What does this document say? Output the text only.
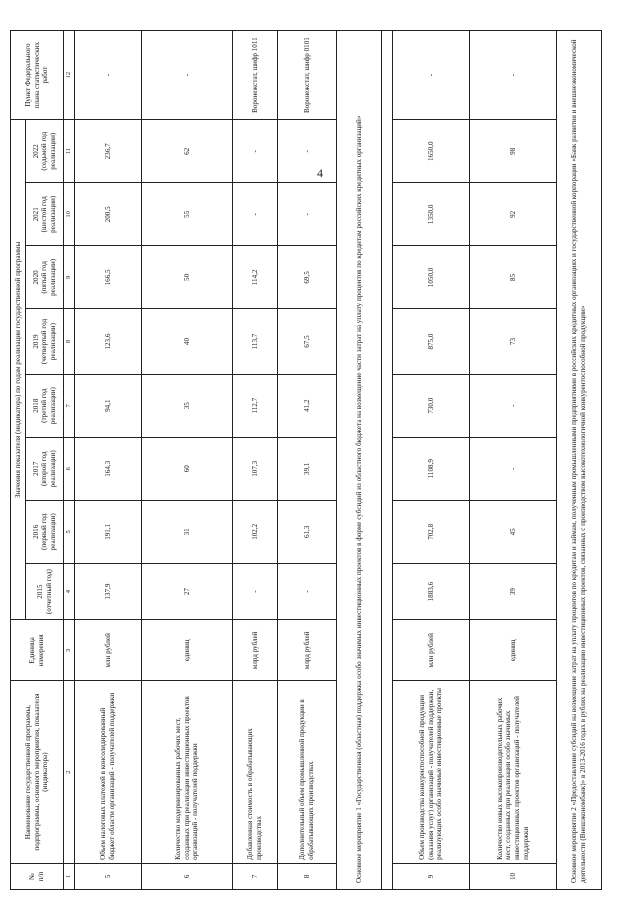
4
№
п/п	Наименование государственной программы, подпрограммы, основного мероприятия, показателя (индикатора)	Единица измерения	Значения показателя (индикатора) по годам реализации государственной программы								Пункт Федерального плана статистических работ
			2015
(отчетный год)	2016
(первый год реализации)	2017
(второй год реализации)	2018
(третий год реализации)	2019
(четвертый год реализации)	2020
(пятый год реализации)	2021
(шестой год реализации)	2022
(седьмой год реализации)	
1	2	3	4	5	6	7	8	9	10	11	12
5	Объем налоговых платежей в консолидированный бюджет области организаций - получателей поддержки	млн рублей	137,9	191,1	164,3	94,1	123,6	166,5	200,5	236,7	-
6	Количество модернизированных рабочих мест, созданных при реализации инвестиционных проектов организаций - получателей поддержки	единиц	27	31	60	35	40	50	55	62	-
7	Добавленная стоимость в обрабатывающих производствах	млрд рублей	-	102,2	107,3	112,7	113,7	114,2	-	-	Воронежстат, шифр 1011
8	Дополнительный объем промышленной продукции в обрабатывающих производствах	млрд рублей	-	61,3	39,1	41,2	67,5	69,5	-	-	Воронежстат, шифр 0101
Основное мероприятие 1 «Государственная (областная) поддержка особо значимых инвестиционных проектов в форме субсидий из областного бюджета на возмещение части затрат на уплату процентов по кредитам российских кредитных организаций»											

9	Объем производства конкурентоспособной продукции (оказания услуг) организаций - получателей поддержки, реализующих особо значимые инвестиционные проекты	млн рублей	1883,6	702,8	1108,9	730,0	875,0	1050,0	1350,0	1650,0	-
10	Количество новых высокопроизводительных рабочих мест, созданных при реализации особо значимых инвестиционных проектов организаций - получателей поддержки	единиц	39	45	-	-	73	85	92	98	-
Основное мероприятие 2 «Предоставление субсидий на возмещение затрат на уплату процентов по кредитам и займам, полученным промышленными предприятиями в российских кредитных организациях и государственной корпорации «Банк развития и внешнеэкономической деятельности (Внешэкономбанк)» в 2013-2016 годах в рублях на реализацию инвестиционных проектов, связанных с производством высокотехнологичной конкурентоспособной продукции»											
